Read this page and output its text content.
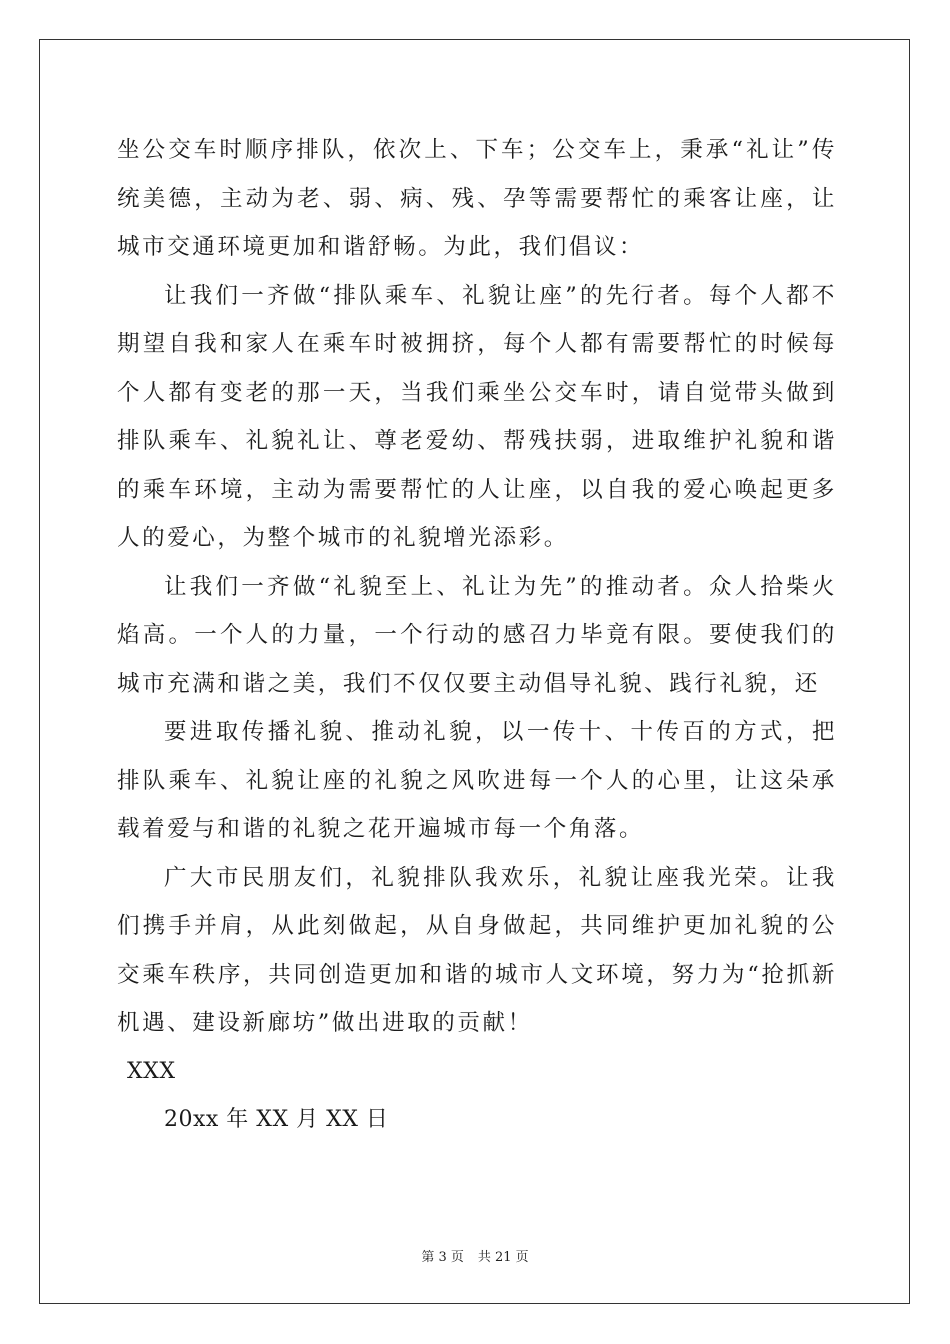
坐公交车时顺序排队，依次上、下车；公交车上，秉承“礼让”传统美德，主动为老、弱、病、残、孕等需要帮忙的乘客让座，让城市交通环境更加和谐舒畅。为此，我们倡议：

让我们一齐做“排队乘车、礼貌让座”的先行者。每个人都不期望自我和家人在乘车时被拥挤，每个人都有需要帮忙的时候每个人都有变老的那一天，当我们乘坐公交车时，请自觉带头做到排队乘车、礼貌礼让、尊老爱幼、帮残扶弱，进取维护礼貌和谐的乘车环境，主动为需要帮忙的人让座，以自我的爱心唤起更多人的爱心，为整个城市的礼貌增光添彩。

让我们一齐做“礼貌至上、礼让为先”的推动者。众人拾柴火焰高。一个人的力量，一个行动的感召力毕竟有限。要使我们的城市充满和谐之美，我们不仅仅要主动倡导礼貌、践行礼貌，还

要进取传播礼貌、推动礼貌，以一传十、十传百的方式，把排队乘车、礼貌让座的礼貌之风吹进每一个人的心里，让这朵承载着爱与和谐的礼貌之花开遍城市每一个角落。

广大市民朋友们，礼貌排队我欢乐，礼貌让座我光荣。让我们携手并肩，从此刻做起，从自身做起，共同维护更加礼貌的公交乘车秩序，共同创造更加和谐的城市人文环境，努力为“抢抓新机遇、建设新廊坊”做出进取的贡献！

XXX

20xx 年 XX 月 XX 日

第 3 页 共 21 页
